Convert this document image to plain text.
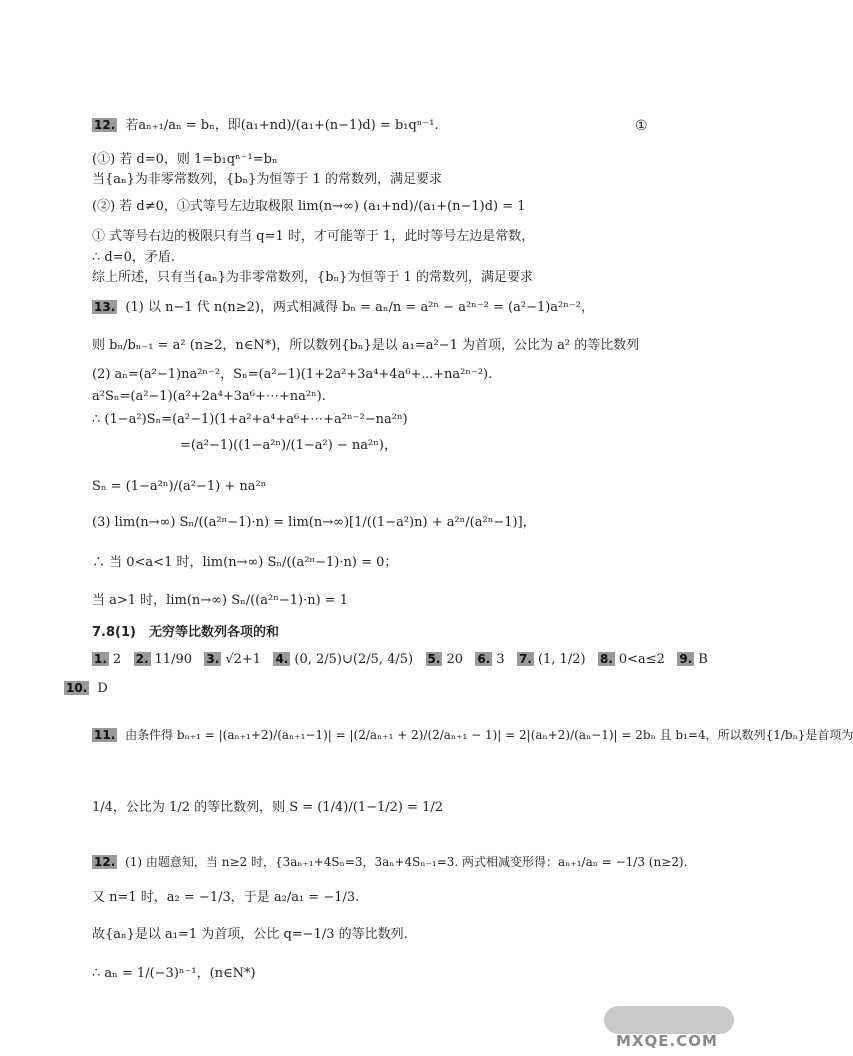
12. 若aₙ₊₁/aₙ = bₙ，即(a₁+nd)/(a₁+(n−1)d) = b₁qⁿ⁻¹.	①
(①) 若 d=0，则 1=b₁qⁿ⁻¹=bₙ
当{aₙ}为非零常数列，{bₙ}为恒等于 1 的常数列，满足要求
(②) 若 d≠0，①式等号左边取极限 lim(n→∞) (a₁+nd)/(a₁+(n−1)d) = 1
① 式等号右边的极限只有当 q=1 时，才可能等于 1，此时等号左边是常数，
∴ d=0，矛盾.
综上所述，只有当{aₙ}为非零常数列，{bₙ}为恒等于 1 的常数列，满足要求
13. (1) 以 n−1 代 n(n≥2)，两式相减得 bₙ = aₙ/n = a²ⁿ − a²ⁿ⁻² = (a²−1)a²ⁿ⁻²，
则 bₙ/bₙ₋₁ = a² (n≥2，n∈N*)，所以数列{bₙ}是以 a₁=a²−1 为首项，公比为 a² 的等比数列
(2) aₙ=(a²−1)na²ⁿ⁻²，Sₙ=(a²−1)(1+2a²+3a⁴+4a⁶+⋯+na²ⁿ⁻²).
a²Sₙ=(a²−1)(a²+2a⁴+3a⁶+⋯+na²ⁿ).
∴ (1−a²)Sₙ=(a²−1)(1+a²+a⁴+a⁶+⋯+a²ⁿ⁻²−na²ⁿ)
=(a²−1)((1−a²ⁿ)/(1−a²) − na²ⁿ)，
Sₙ = (1−a²ⁿ)/(a²−1) + na²ⁿ
(3) lim(n→∞) Sₙ/((a²ⁿ−1)·n) = lim(n→∞)[1/((1−a²)n) + a²ⁿ/(a²ⁿ−1)]，
∴ 当 0<a<1 时，lim(n→∞) Sₙ/((a²ⁿ−1)·n) = 0；
当 a>1 时，lim(n→∞) Sₙ/((a²ⁿ−1)·n) = 1
7.8(1)　无穷等比数列各项的和
1. 2 2. 11/90 3. √2+1 4. (0, 2/5)∪(2/5, 4/5) 5. 20 6. 3 7. (1, 1/2) 8. 0<a≤2 9. B
10. D
11. 由条件得 bₙ₊₁ = |(aₙ₊₁+2)/(aₙ₊₁−1)| = |(2/aₙ₊₁ + 2)/(2/aₙ₊₁ − 1)| = 2|(aₙ+2)/(aₙ−1)| = 2bₙ 且 b₁=4，所以数列{1/bₙ}是首项为
1/4，公比为 1/2 的等比数列，则 S = (1/4)/(1−1/2) = 1/2
12. (1) 由题意知，当 n≥2 时，{3aₙ₊₁+4Sₙ=3，3aₙ+4Sₙ₋₁=3. 两式相减变形得：aₙ₊₁/aₙ = −1/3 (n≥2).
又 n=1 时，a₂ = −1/3，于是 a₂/a₁ = −1/3.
故{aₙ}是以 a₁=1 为首项，公比 q=−1/3 的等比数列.
∴ aₙ = 1/(−3)ⁿ⁻¹，(n∈N*)
MXQE.COM
